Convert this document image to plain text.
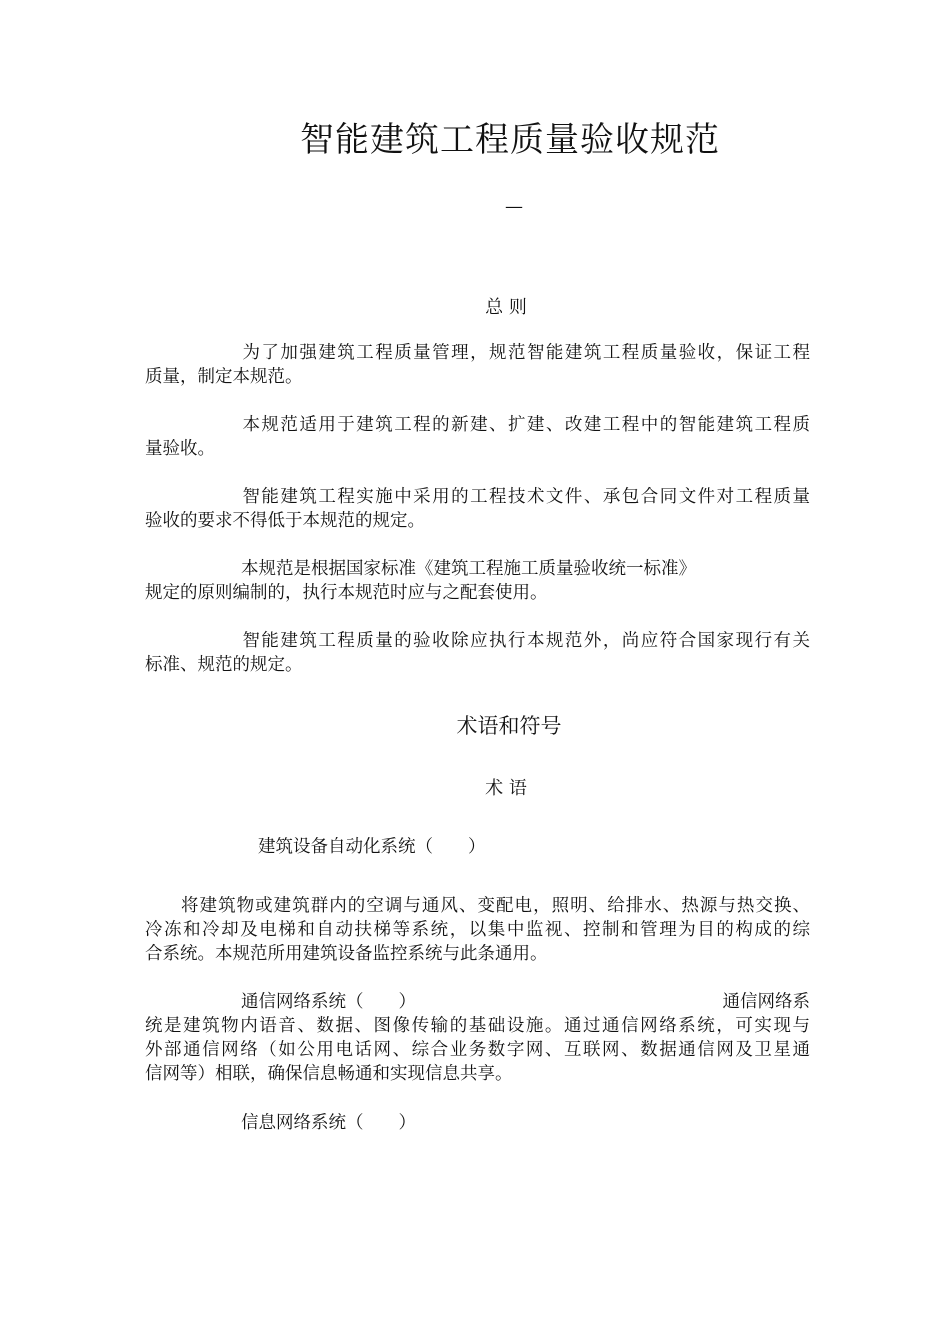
智能建筑工程质量验收规范
—
总 则
为了加强建筑工程质量管理，规范智能建筑工程质量验收，保证工程
质量，制定本规范。
本规范适用于建筑工程的新建、扩建、改建工程中的智能建筑工程质
量验收。
智能建筑工程实施中采用的工程技术文件、承包合同文件对工程质量
验收的要求不得低于本规范的规定。
本规范是根据国家标准《建筑工程施工质量验收统一标准》
规定的原则编制的，执行本规范时应与之配套使用。
智能建筑工程质量的验收除应执行本规范外，尚应符合国家现行有关
标准、规范的规定。
术语和符号
术 语
建筑设备自动化系统（　　）
将建筑物或建筑群内的空调与通风、变配电，照明、给排水、热源与热交换、
冷冻和冷却及电梯和自动扶梯等系统，以集中监视、控制和管理为目的构成的综
合系统。本规范所用建筑设备监控系统与此条通用。
通信网络系统（　　）	通信网络系
统是建筑物内语音、数据、图像传输的基础设施。通过通信网络系统，可实现与
外部通信网络（如公用电话网、综合业务数字网、互联网、数据通信网及卫星通
信网等）相联，确保信息畅通和实现信息共享。
信息网络系统（　　）
